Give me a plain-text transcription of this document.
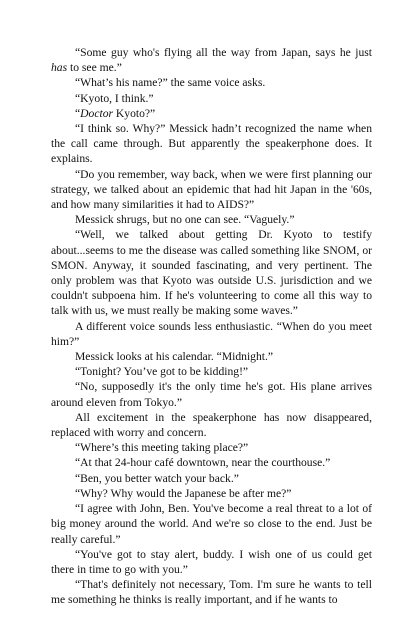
“Some guy who's flying all the way from Japan, says he just has to see me.”

“What’s his name?” the same voice asks.

“Kyoto, I think.”

“Doctor Kyoto?”

“I think so. Why?” Messick hadn’t recognized the name when the call came through. But apparently the speakerphone does. It explains.

“Do you remember, way back, when we were first planning our strategy, we talked about an epidemic that had hit Japan in the '60s, and how many similarities it had to AIDS?”

Messick shrugs, but no one can see. “Vaguely.”

“Well, we talked about getting Dr. Kyoto to testify about...seems to me the disease was called something like SNOM, or SMON. Anyway, it sounded fascinating, and very pertinent. The only problem was that Kyoto was outside U.S. jurisdiction and we couldn't subpoena him. If he's volunteering to come all this way to talk with us, we must really be making some waves.”

A different voice sounds less enthusiastic. “When do you meet him?”

Messick looks at his calendar. “Midnight.”

“Tonight? You’ve got to be kidding!”

“No, supposedly it's the only time he's got. His plane arrives around eleven from Tokyo.”

All excitement in the speakerphone has now disappeared, replaced with worry and concern.

“Where’s this meeting taking place?”

“At that 24-hour café downtown, near the courthouse.”

“Ben, you better watch your back.”

“Why? Why would the Japanese be after me?”

“I agree with John, Ben. You've become a real threat to a lot of big money around the world. And we're so close to the end. Just be really careful.”

“You've got to stay alert, buddy. I wish one of us could get there in time to go with you.”

“That's definitely not necessary, Tom. I'm sure he wants to tell me something he thinks is really important, and if he wants to
